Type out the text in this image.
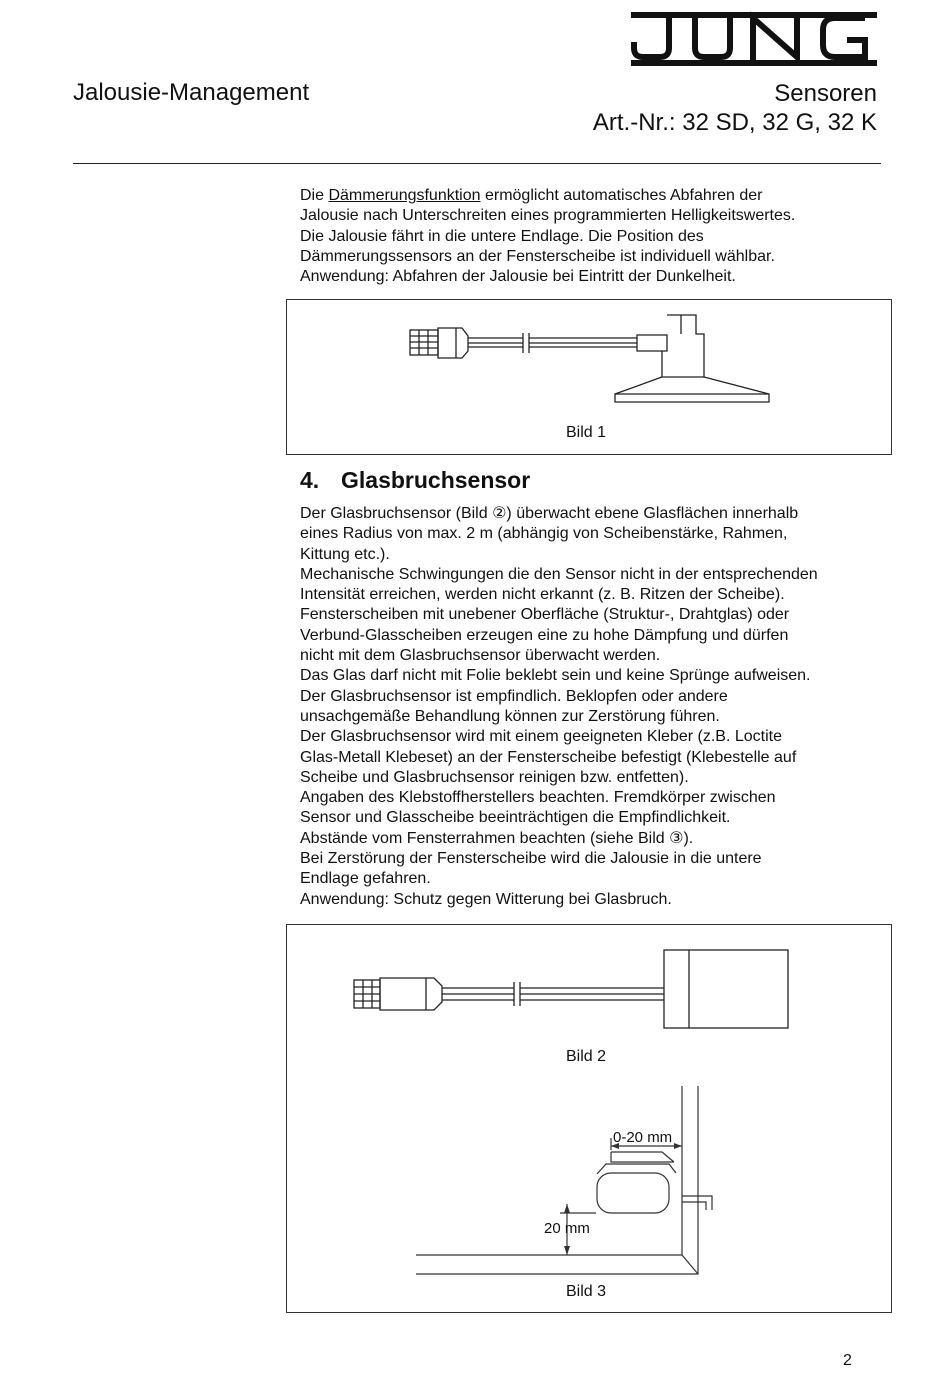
Jalousie-Management	Sensoren
Art.-Nr.: 32 SD, 32 G, 32 K
Die Dämmerungsfunktion ermöglicht automatisches Abfahren der
Jalousie nach Unterschreiten eines programmierten Helligkeitswertes.
Die Jalousie fährt in die untere Endlage. Die Position des
Dämmerungssensors an der Fensterscheibe ist individuell wählbar.
Anwendung: Abfahren der Jalousie bei Eintritt der Dunkelheit.
Bild 1
4. Glasbruchsensor
Der Glasbruchsensor (Bild ②) überwacht ebene Glasflächen innerhalb
eines Radius von max. 2 m (abhängig von Scheibenstärke, Rahmen,
Kittung etc.).
Mechanische Schwingungen die den Sensor nicht in der entsprechenden
Intensität erreichen, werden nicht erkannt (z. B. Ritzen der Scheibe).
Fensterscheiben mit unebener Oberfläche (Struktur-, Drahtglas) oder
Verbund-Glasscheiben erzeugen eine zu hohe Dämpfung und dürfen
nicht mit dem Glasbruchsensor überwacht werden.
Das Glas darf nicht mit Folie beklebt sein und keine Sprünge aufweisen.
Der Glasbruchsensor ist empfindlich. Beklopfen oder andere
unsachgemäße Behandlung können zur Zerstörung führen.
Der Glasbruchsensor wird mit einem geeigneten Kleber (z.B. Loctite
Glas-Metall Klebeset) an der Fensterscheibe befestigt (Klebestelle auf
Scheibe und Glasbruchsensor reinigen bzw. entfetten).
Angaben des Klebstoffherstellers beachten. Fremdkörper zwischen
Sensor und Glasscheibe beeinträchtigen die Empfindlichkeit.
Abstände vom Fensterrahmen beachten (siehe Bild ③).
Bei Zerstörung der Fensterscheibe wird die Jalousie in die untere
Endlage gefahren.
Anwendung: Schutz gegen Witterung bei Glasbruch.
Bild 2
0-20 mm
20 mm
Bild 3
2
